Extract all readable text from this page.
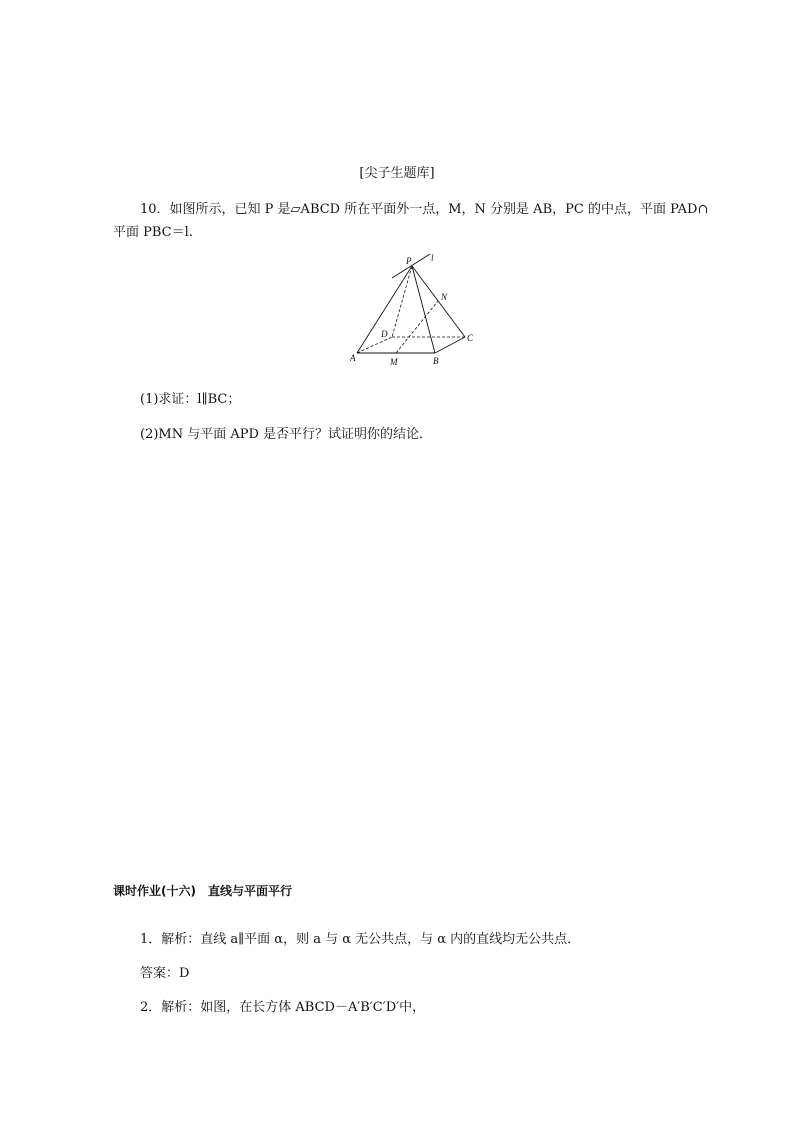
[尖子生题库]
10．如图所示，已知 P 是▱ABCD 所在平面外一点，M，N 分别是 AB，PC 的中点，平面 PAD∩
平面 PBC＝l.
P l
N
D	C
A	M	B
(1)求证：l∥BC；
(2)MN 与平面 APD 是否平行？试证明你的结论．
课时作业(十六)　直线与平面平行
1．解析：直线 a∥平面 α，则 a 与 α 无公共点，与 α 内的直线均无公共点．
答案：D
2．解析：如图，在长方体 ABCD－A′B′C′D′中，
